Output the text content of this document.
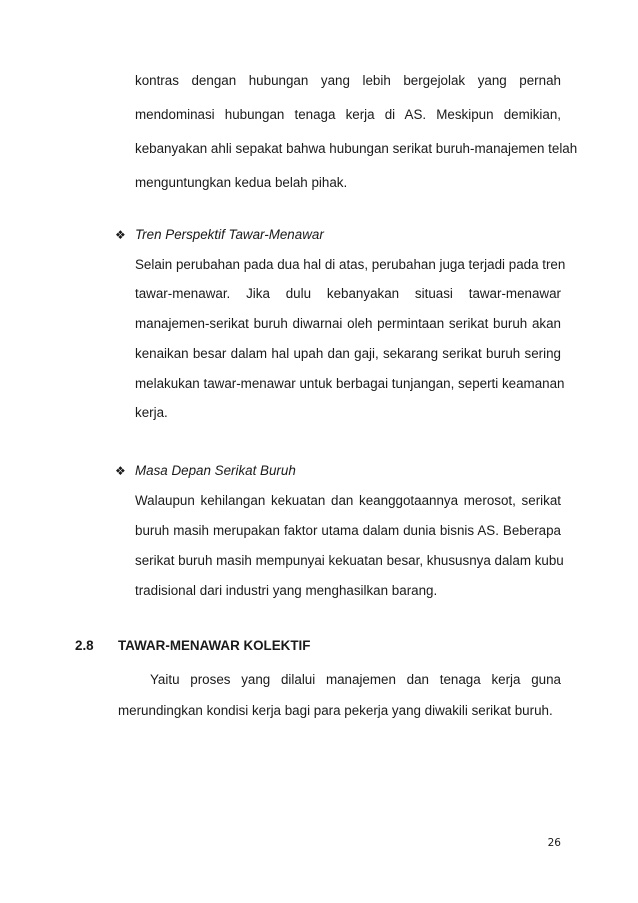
kontras dengan hubungan yang lebih bergejolak yang pernah
mendominasi hubungan tenaga kerja di AS. Meskipun demikian,
kebanyakan ahli sepakat bahwa hubungan serikat buruh-manajemen telah
menguntungkan kedua belah pihak.
❖ Tren Perspektif Tawar-Menawar
Selain perubahan pada dua hal di atas, perubahan juga terjadi pada tren
tawar-menawar. Jika dulu kebanyakan situasi tawar-menawar
manajemen-serikat buruh diwarnai oleh permintaan serikat buruh akan
kenaikan besar dalam hal upah dan gaji, sekarang serikat buruh sering
melakukan tawar-menawar untuk berbagai tunjangan, seperti keamanan
kerja.
❖ Masa Depan Serikat Buruh
Walaupun kehilangan kekuatan dan keanggotaannya merosot, serikat
buruh masih merupakan faktor utama dalam dunia bisnis AS. Beberapa
serikat buruh masih mempunyai kekuatan besar, khususnya dalam kubu
tradisional dari industri yang menghasilkan barang.
2.8 TAWAR-MENAWAR KOLEKTIF
Yaitu proses yang dilalui manajemen dan tenaga kerja guna
merundingkan kondisi kerja bagi para pekerja yang diwakili serikat buruh.
26
